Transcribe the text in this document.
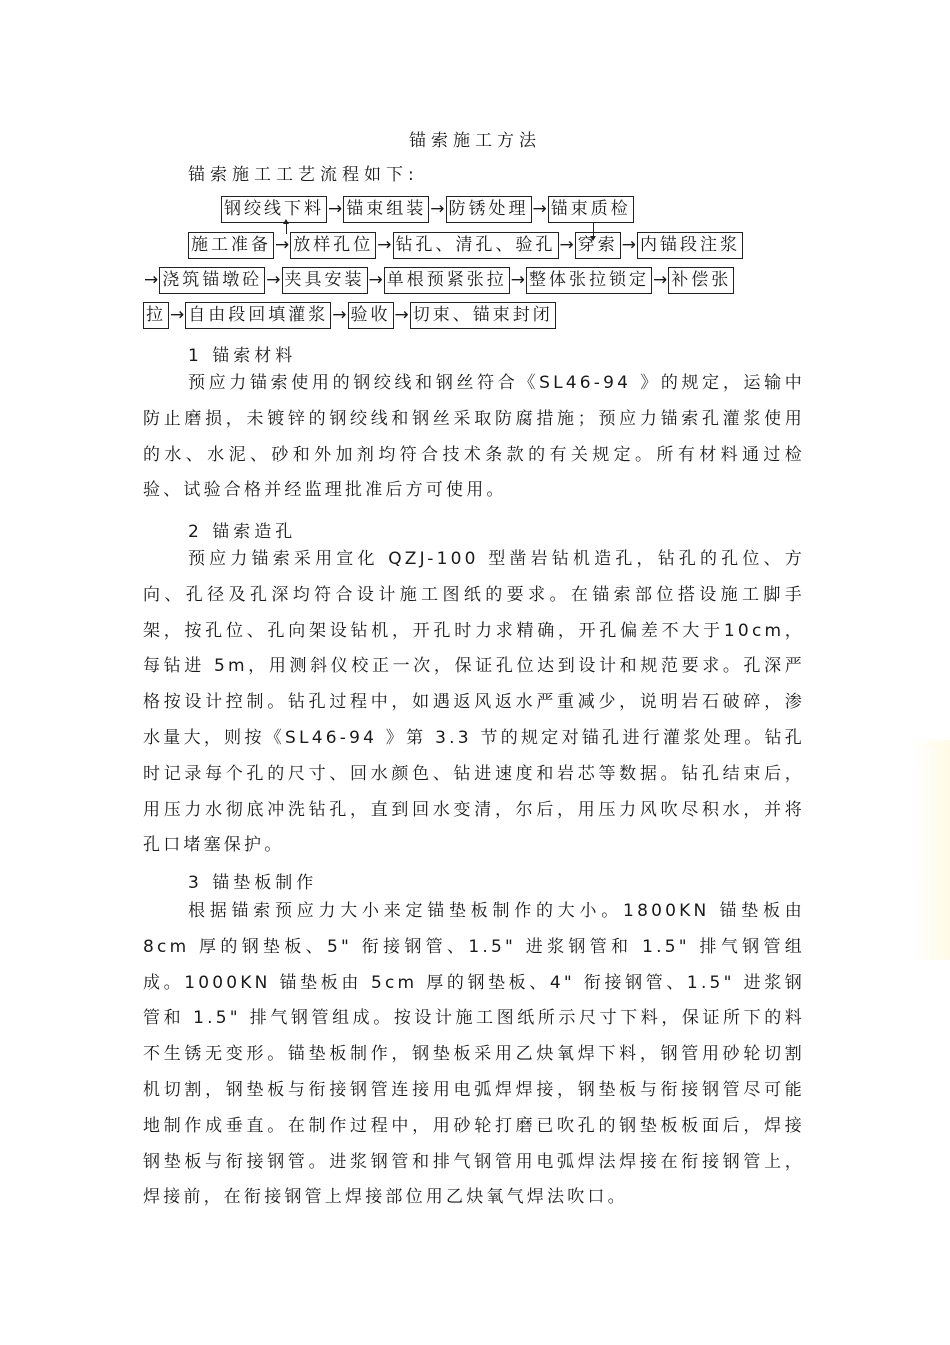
锚索施工方法
锚索施工工艺流程如下:
钢绞线下料 → 锚束组装 → 防锈处理 → 锚束质检
施工准备 → 放样孔位 → 钻孔、清孔、验孔 → 穿索 → 内锚段注浆
→ 浇筑锚墩砼 → 夹具安装 → 单根预紧张拉 → 整体张拉锁定 → 补偿张
拉 → 自由段回填灌浆 → 验收 → 切束、锚束封闭
1 锚索材料

预应力锚索使用的钢绞线和钢丝符合《SL46-94 》的规定，运输中防止磨损，未镀锌的钢绞线和钢丝采取防腐措施；预应力锚索孔灌浆使用的水、水泥、砂和外加剂均符合技术条款的有关规定。所有材料通过检验、试验合格并经监理批准后方可使用。

2 锚索造孔

预应力锚索采用宣化 QZJ-100 型凿岩钻机造孔，钻孔的孔位、方向、孔径及孔深均符合设计施工图纸的要求。在锚索部位搭设施工脚手架，按孔位、孔向架设钻机，开孔时力求精确，开孔偏差不大于10cm，每钻进 5m，用测斜仪校正一次，保证孔位达到设计和规范要求。孔深严格按设计控制。钻孔过程中，如遇返风返水严重减少，说明岩石破碎，渗水量大，则按《SL46-94 》第 3.3 节的规定对锚孔进行灌浆处理。钻孔时记录每个孔的尺寸、回水颜色、钻进速度和岩芯等数据。钻孔结束后，用压力水彻底冲洗钻孔，直到回水变清，尔后，用压力风吹尽积水，并将孔口堵塞保护。

3 锚垫板制作

根据锚索预应力大小来定锚垫板制作的大小。1800KN 锚垫板由8cm 厚的钢垫板、5" 衔接钢管、1.5" 进浆钢管和 1.5" 排气钢管组成。1000KN 锚垫板由 5cm 厚的钢垫板、4" 衔接钢管、1.5" 进浆钢管和 1.5" 排气钢管组成。按设计施工图纸所示尺寸下料，保证所下的料不生锈无变形。锚垫板制作，钢垫板采用乙炔氧焊下料，钢管用砂轮切割机切割，钢垫板与衔接钢管连接用电弧焊焊接，钢垫板与衔接钢管尽可能地制作成垂直。在制作过程中，用砂轮打磨已吹孔的钢垫板板面后，焊接钢垫板与衔接钢管。进浆钢管和排气钢管用电弧焊法焊接在衔接钢管上，焊接前，在衔接钢管上焊接部位用乙炔氧气焊法吹口。
